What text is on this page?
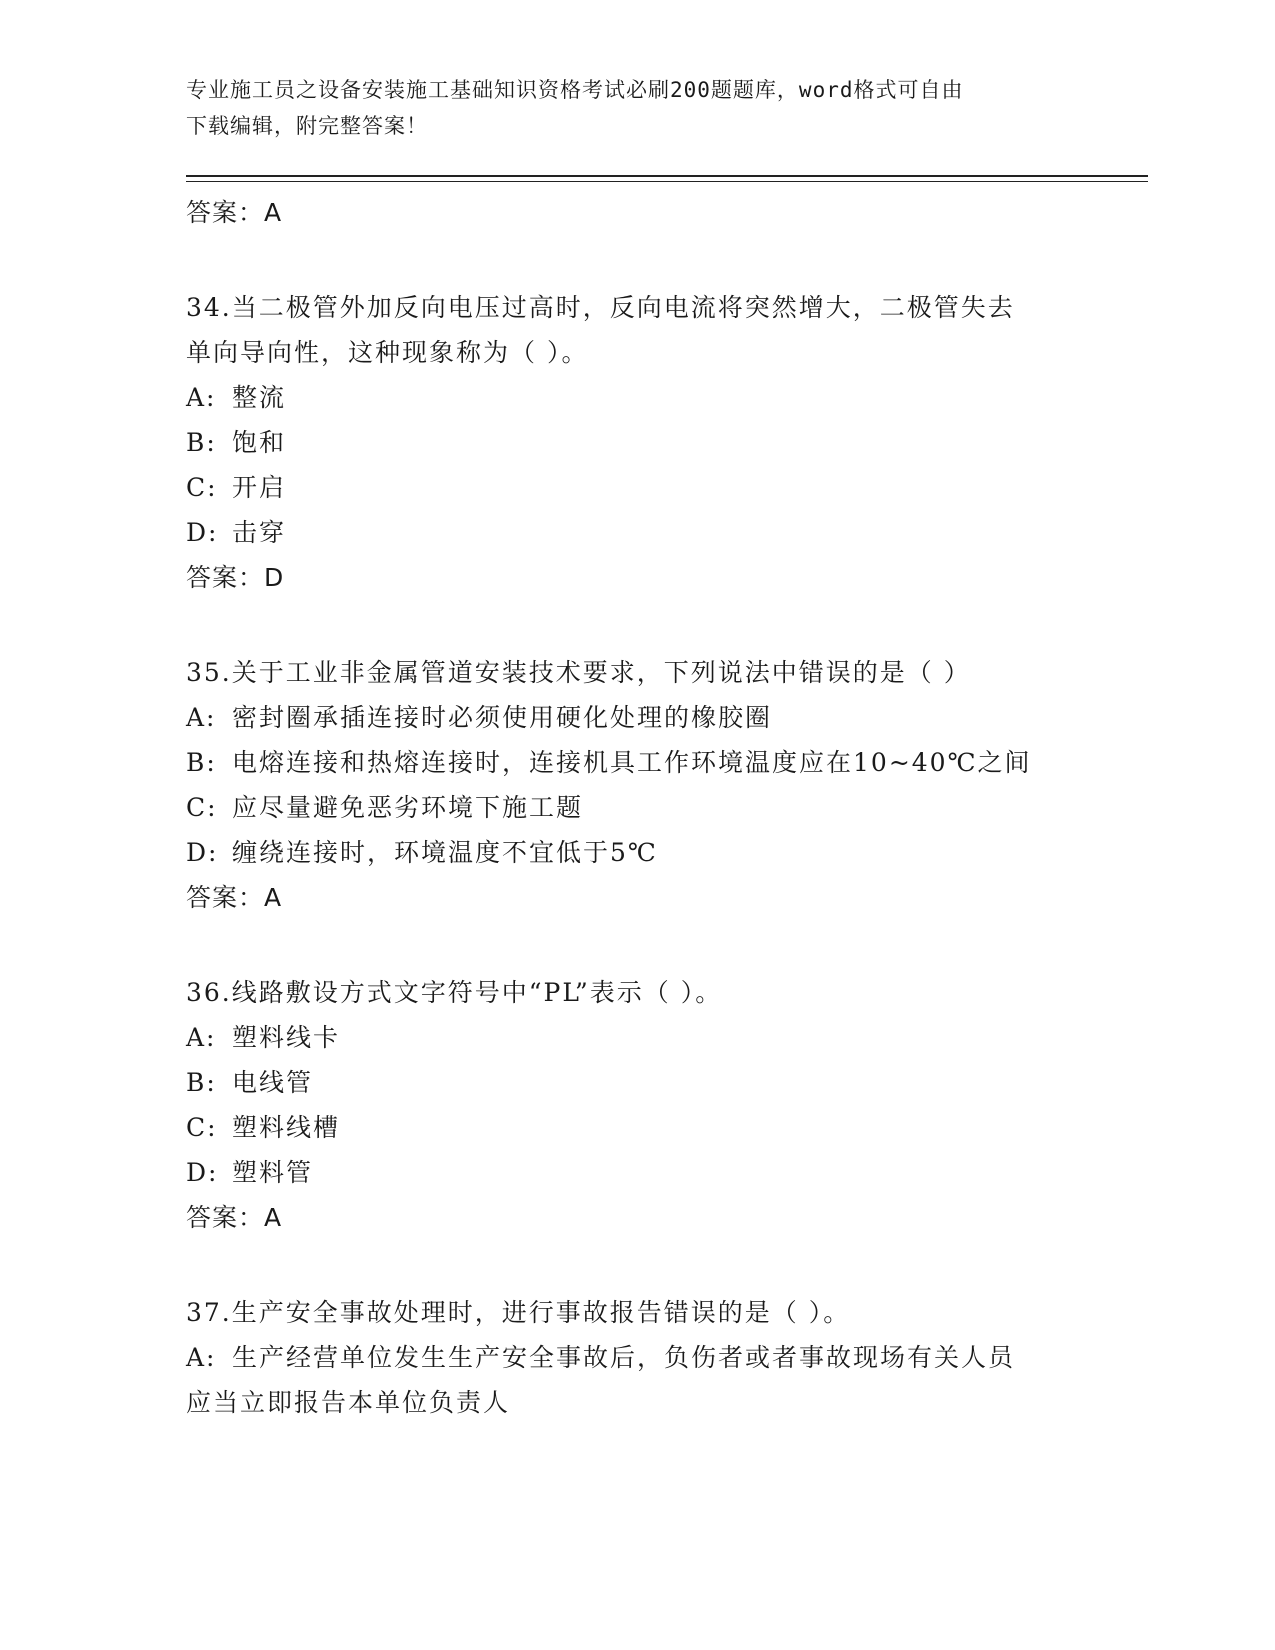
专业施工员之设备安装施工基础知识资格考试必刷200题题库，word格式可自由
下载编辑，附完整答案！
答案：A
34.当二极管外加反向电压过高时，反向电流将突然增大，二极管失去
单向导向性，这种现象称为（ ）。
A: 整流
B: 饱和
C: 开启
D: 击穿
答案：D
35.关于工业非金属管道安装技术要求，下列说法中错误的是（ ）
A: 密封圈承插连接时必须使用硬化处理的橡胶圈
B: 电熔连接和热熔连接时，连接机具工作环境温度应在10~40℃之间
C: 应尽量避免恶劣环境下施工题
D: 缠绕连接时，环境温度不宜低于5℃
答案：A
36.线路敷设方式文字符号中“PL”表示（ ）。
A: 塑料线卡
B: 电线管
C: 塑料线槽
D: 塑料管
答案：A
37.生产安全事故处理时，进行事故报告错误的是（ ）。
A: 生产经营单位发生生产安全事故后，负伤者或者事故现场有关人员
应当立即报告本单位负责人
